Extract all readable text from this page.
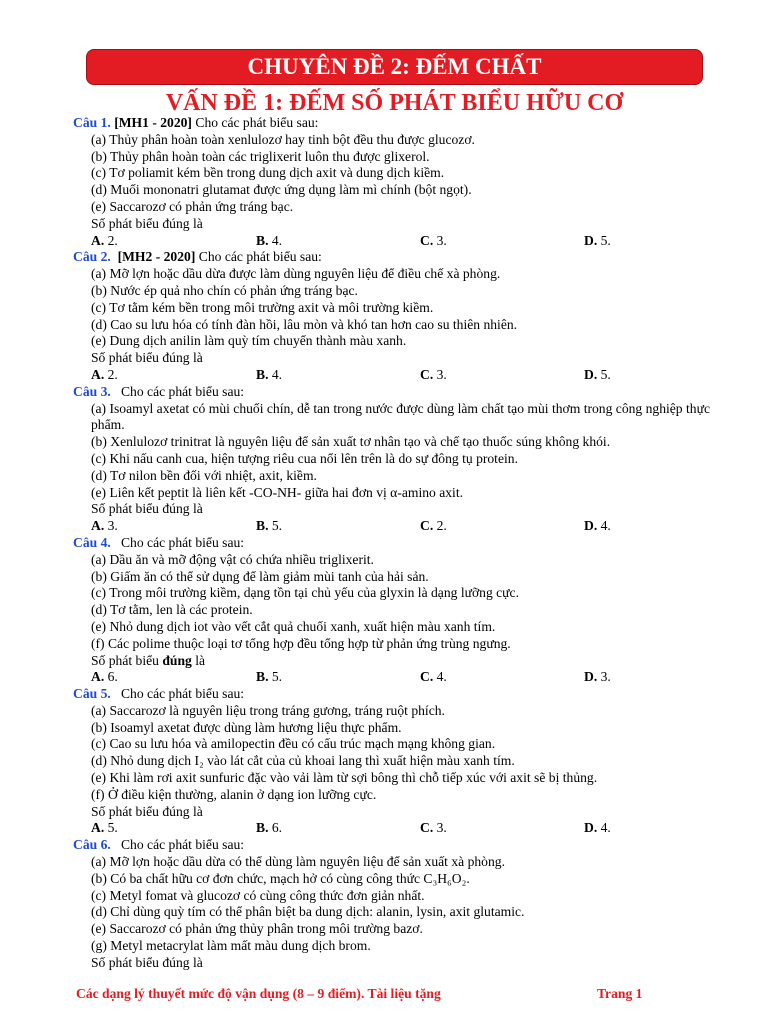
CHUYÊN ĐỀ 2: ĐẾM CHẤT
VẤN ĐỀ 1: ĐẾM SỐ PHÁT BIỂU HỮU CƠ
Câu 1. [MH1 - 2020] Cho các phát biểu sau:
(a) Thủy phân hoàn toàn xenlulozơ hay tinh bột đều thu được glucozơ.
(b) Thủy phân hoàn toàn các triglixerit luôn thu được glixerol.
(c) Tơ poliamit kém bền trong dung dịch axit và dung dịch kiềm.
(d) Muối mononatri glutamat được ứng dụng làm mì chính (bột ngọt).
(e) Saccarozơ có phản ứng tráng bạc.
Số phát biểu đúng là
A. 2.	B. 4.	C. 3.	D. 5.
Câu 2. [MH2 - 2020] Cho các phát biểu sau:
(a) Mỡ lợn hoặc dầu dừa được làm dùng nguyên liệu để điều chế xà phòng.
(b) Nước ép quả nho chín có phản ứng tráng bạc.
(c) Tơ tằm kém bền trong môi trường axit và môi trường kiềm.
(d) Cao su lưu hóa có tính đàn hồi, lâu mòn và khó tan hơn cao su thiên nhiên.
(e) Dung dịch anilin làm quỳ tím chuyển thành màu xanh.
Số phát biểu đúng là
A. 2.	B. 4.	C. 3.	D. 5.
Câu 3. Cho các phát biểu sau:
(a) Isoamyl axetat có mùi chuối chín, dễ tan trong nước được dùng làm chất tạo mùi thơm trong công nghiệp thực phẩm.
(b) Xenlulozơ trinitrat là nguyên liệu để sản xuất tơ nhân tạo và chế tạo thuốc súng không khói.
(c) Khi nấu canh cua, hiện tượng riêu cua nổi lên trên là do sự đông tụ protein.
(d) Tơ nilon bền đối với nhiệt, axit, kiềm.
(e) Liên kết peptit là liên kết -CO-NH- giữa hai đơn vị α-amino axit.
Số phát biểu đúng là
A. 3.	B. 5.	C. 2.	D. 4.
Câu 4. Cho các phát biểu sau:
(a) Dầu ăn và mỡ động vật có chứa nhiều triglixerit.
(b) Giấm ăn có thể sử dụng để làm giảm mùi tanh của hải sản.
(c) Trong môi trường kiềm, dạng tồn tại chủ yếu của glyxin là dạng lưỡng cực.
(d) Tơ tằm, len là các protein.
(e) Nhỏ dung dịch iot vào vết cắt quả chuối xanh, xuất hiện màu xanh tím.
(f) Các polime thuộc loại tơ tổng hợp đều tổng hợp từ phản ứng trùng ngưng.
Số phát biểu đúng là
A. 6.	B. 5.	C. 4.	D. 3.
Câu 5. Cho các phát biểu sau:
(a) Saccarozơ là nguyên liệu trong tráng gương, tráng ruột phích.
(b) Isoamyl axetat được dùng làm hương liệu thực phẩm.
(c) Cao su lưu hóa và amilopectin đều có cấu trúc mạch mạng không gian.
(d) Nhỏ dung dịch I₂ vào lát cắt của củ khoai lang thì xuất hiện màu xanh tím.
(e) Khi làm rơi axit sunfuric đặc vào vải làm từ sợi bông thì chỗ tiếp xúc với axit sẽ bị thủng.
(f) Ở điều kiện thường, alanin ở dạng ion lưỡng cực.
Số phát biểu đúng là
A. 5.	B. 6.	C. 3.	D. 4.
Câu 6. Cho các phát biểu sau:
(a) Mỡ lợn hoặc dầu dừa có thể dùng làm nguyên liệu để sản xuất xà phòng.
(b) Có ba chất hữu cơ đơn chức, mạch hở có cùng công thức C₃H₆O₂.
(c) Metyl fomat và glucozơ có cùng công thức đơn giản nhất.
(d) Chỉ dùng quỳ tím có thể phân biệt ba dung dịch: alanin, lysin, axit glutamic.
(e) Saccarozơ có phản ứng thủy phân trong môi trường bazơ.
(g) Metyl metacrylat làm mất màu dung dịch brom.
Số phát biểu đúng là
Các dạng lý thuyết mức độ vận dụng (8 – 9 điểm). Tài liệu tặng	Trang 1
